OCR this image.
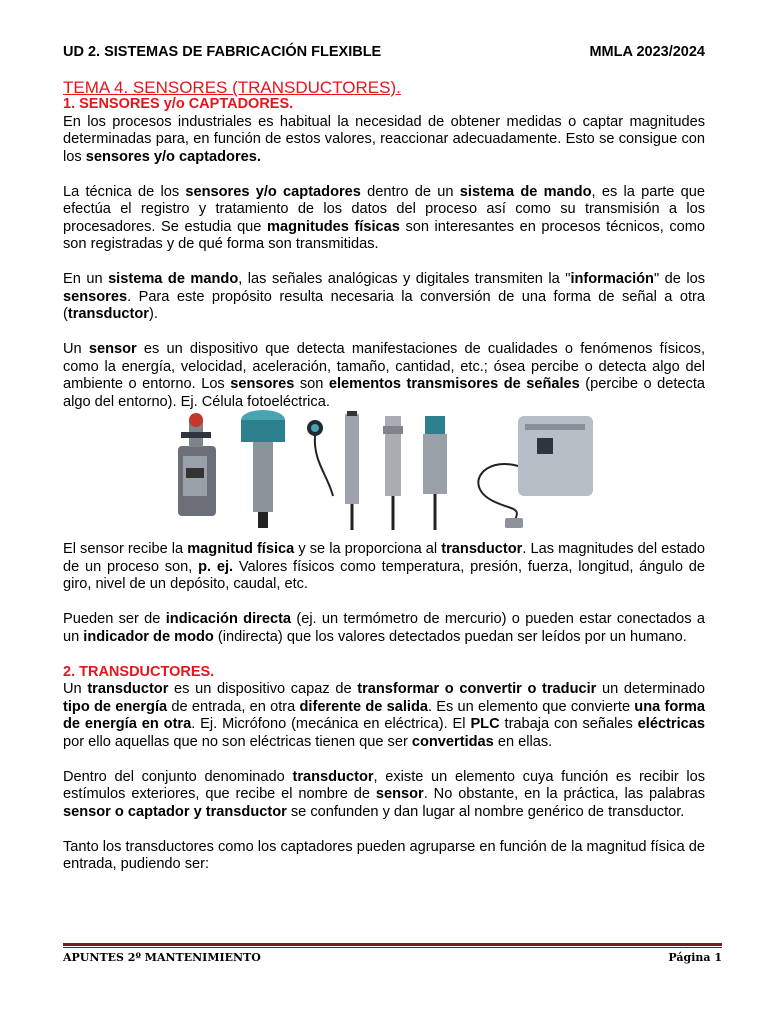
UD 2. SISTEMAS DE FABRICACIÓN FLEXIBLE	MMLA 2023/2024
TEMA 4. SENSORES (TRANSDUCTORES).
1. SENSORES y/o CAPTADORES.

En los procesos industriales es habitual la necesidad de obtener medidas o captar magnitudes determinadas para, en función de estos valores, reaccionar adecuadamente. Esto se consigue con los sensores y/o captadores.

La técnica de los sensores y/o captadores dentro de un sistema de mando, es la parte que efectúa el registro y tratamiento de los datos del proceso así como su transmisión a los procesadores. Se estudia que magnitudes físicas son interesantes en procesos técnicos, como son registradas y de qué forma son transmitidas.

En un sistema de mando, las señales analógicas y digitales transmiten la "información" de los sensores. Para este propósito resulta necesaria la conversión de una forma de señal a otra (transductor).

Un sensor es un dispositivo que detecta manifestaciones de cualidades o fenómenos físicos, como la energía, velocidad, aceleración, tamaño, cantidad, etc.; ósea percibe o detecta algo del ambiente o entorno. Los sensores son elementos transmisores de señales (percibe o detecta algo del entorno). Ej. Célula fotoeléctrica.

El sensor recibe la magnitud física y se la proporciona al transductor. Las magnitudes del estado de un proceso son, p. ej. Valores físicos como temperatura, presión, fuerza, longitud, ángulo de giro, nivel de un depósito, caudal, etc.

Pueden ser de indicación directa (ej. un termómetro de mercurio) o pueden estar conectados a un indicador de modo (indirecta) que los valores detectados puedan ser leídos por un humano.

2. TRANSDUCTORES.

Un transductor es un dispositivo capaz de transformar o convertir o traducir un determinado tipo de energía de entrada, en otra diferente de salida. Es un elemento que convierte una forma de energía en otra. Ej. Micrófono (mecánica en eléctrica). El PLC trabaja con señales eléctricas por ello aquellas que no son eléctricas tienen que ser convertidas en ellas.

Dentro del conjunto denominado transductor, existe un elemento cuya función es recibir los estímulos exteriores, que recibe el nombre de sensor. No obstante, en la práctica, las palabras sensor o captador y transductor se confunden y dan lugar al nombre genérico de transductor.

Tanto los transductores como los captadores pueden agruparse en función de la magnitud física de entrada, pudiendo ser:

APUNTES 2º MANTENIMIENTO	Página 1
